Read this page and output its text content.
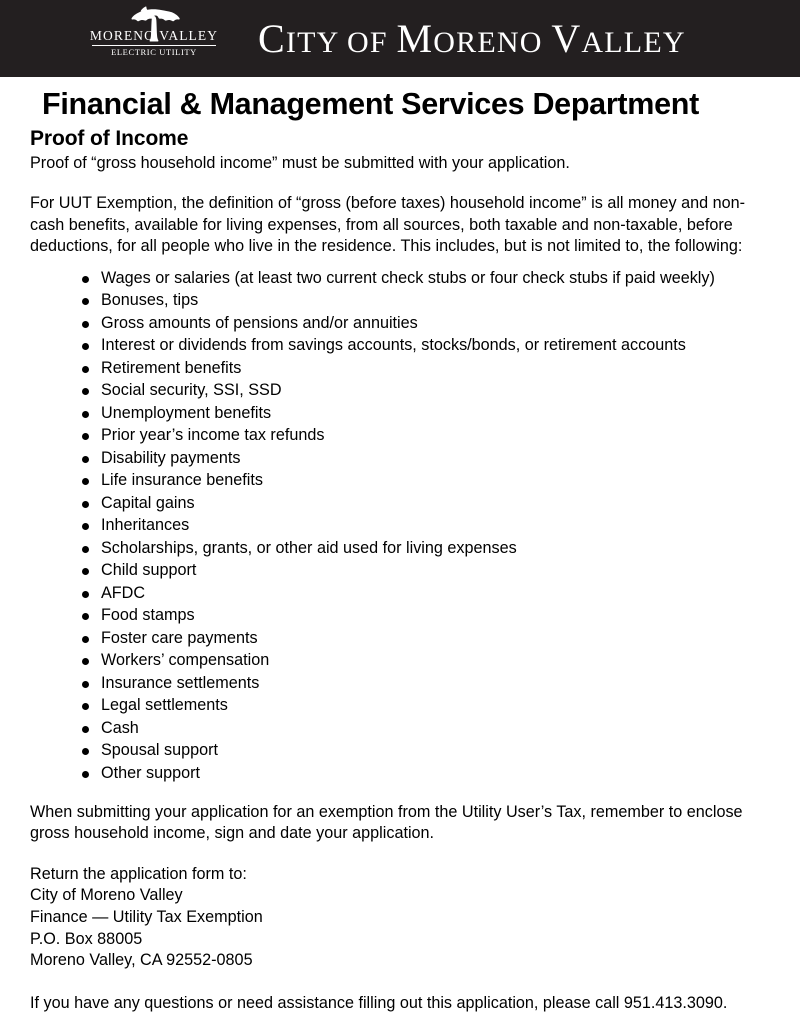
MORENO VALLEY
ELECTRIC UTILITY	CITY OF MORENO VALLEY
Financial & Management Services Department
Proof of Income

Proof of “gross household income” must be submitted with your application.

For UUT Exemption, the definition of “gross (before taxes) household income” is all money and non-cash benefits, available for living expenses, from all sources, both taxable and non-taxable, before deductions, for all people who live in the residence. This includes, but is not limited to, the following:

Wages or salaries (at least two current check stubs or four check stubs if paid weekly)
Bonuses, tips
Gross amounts of pensions and/or annuities
Interest or dividends from savings accounts, stocks/bonds, or retirement accounts
Retirement benefits
Social security, SSI, SSD
Unemployment benefits
Prior year’s income tax refunds
Disability payments
Life insurance benefits
Capital gains
Inheritances
Scholarships, grants, or other aid used for living expenses
Child support
AFDC
Food stamps
Foster care payments
Workers’ compensation
Insurance settlements
Legal settlements
Cash
Spousal support
Other support

When submitting your application for an exemption from the Utility User’s Tax, remember to enclose gross household income, sign and date your application.

Return the application form to:
City of Moreno Valley
Finance — Utility Tax Exemption
P.O. Box 88005
Moreno Valley, CA 92552-0805
If you have any questions or need assistance filling out this application, please call 951.413.3090.
